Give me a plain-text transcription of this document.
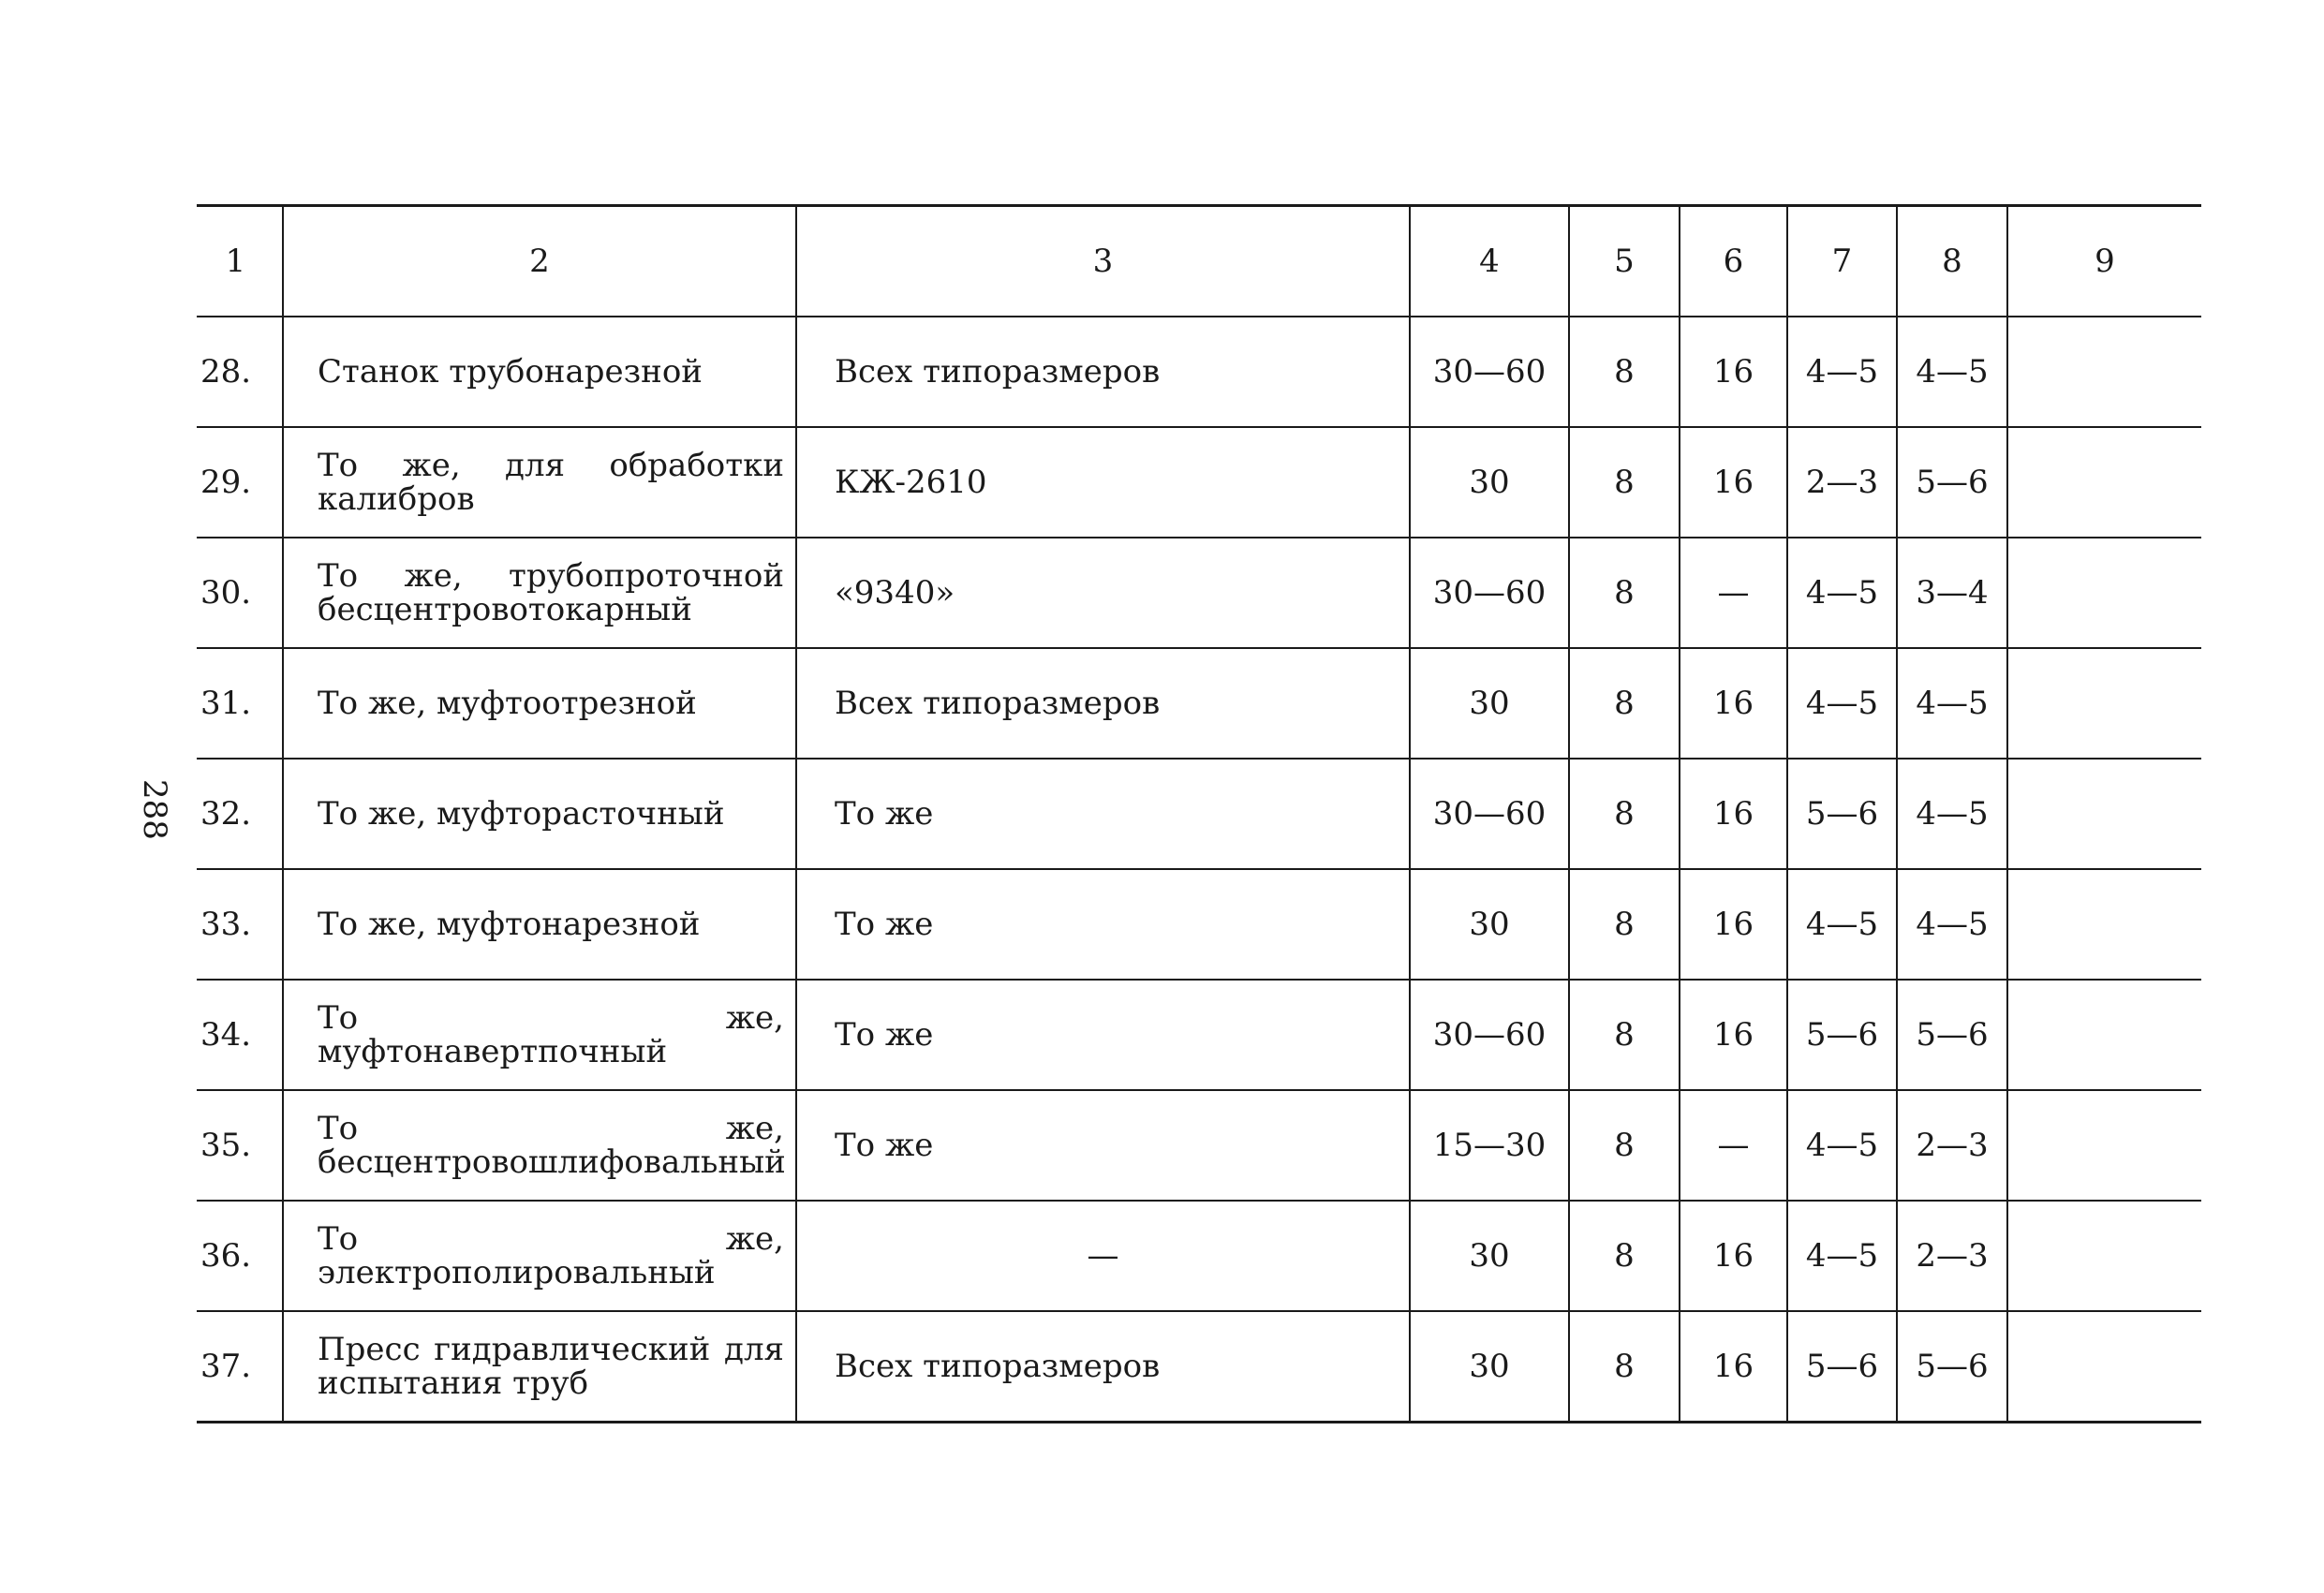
288
1	2	3	4	5	6	7	8	9
28.	Станок трубонарезной	Всех типоразмеров	30—60	8	16	4—5	4—5	
29.	То же, для обработки калибров	КЖ-2610	30	8	16	2—3	5—6	
30.	То же, трубопроточной бесцентровотокарный	«9340»	30—60	8	—	4—5	3—4	
31.	То же, муфтоотрезной	Всех типоразмеров	30	8	16	4—5	4—5	
32.	То же, муфторасточный	То же	30—60	8	16	5—6	4—5	
33.	То же, муфтонарезной	То же	30	8	16	4—5	4—5	
34.	То же, муфтонавертпочный	То же	30—60	8	16	5—6	5—6	
35.	То же, бесцентровошлифовальный	То же	15—30	8	—	4—5	2—3	
36.	То же, электрополировальный	—	30	8	16	4—5	2—3	
37.	Пресс гидравлический для испытания труб	Всех типоразмеров	30	8	16	5—6	5—6	
